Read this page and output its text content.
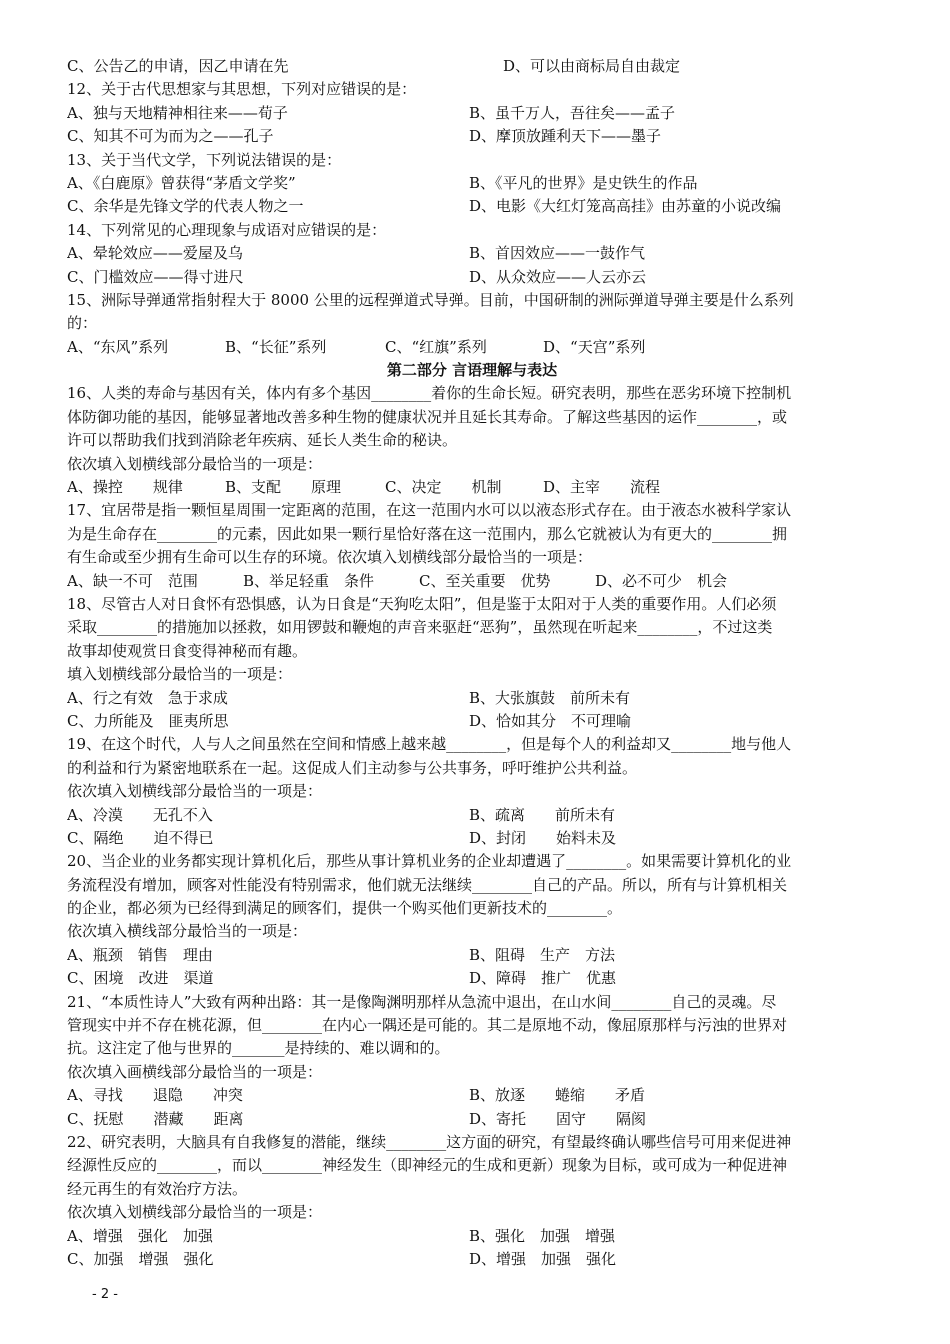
C、公告乙的申请，因乙申请在先	D、可以由商标局自由裁定
12、关于古代思想家与其思想，下列对应错误的是：
A、独与天地精神相往来——荀子	B、虽千万人，吾往矣——孟子
C、知其不可为而为之——孔子	D、摩顶放踵利天下——墨子
13、关于当代文学，下列说法错误的是：
A、《白鹿原》曾获得“茅盾文学奖”	B、《平凡的世界》是史铁生的作品
C、余华是先锋文学的代表人物之一	D、电影《大红灯笼高高挂》由苏童的小说改编
14、下列常见的心理现象与成语对应错误的是：
A、晕轮效应——爱屋及乌	B、首因效应——一鼓作气
C、门槛效应——得寸进尺	D、从众效应——人云亦云
15、洲际导弹通常指射程大于 8000 公里的远程弹道式导弹。目前，中国研制的洲际弹道导弹主要是什么系列
的：
A、“东风”系列	B、“长征”系列	C、“红旗”系列	D、“天宫”系列
第二部分 言语理解与表达
16、人类的寿命与基因有关，体内有多个基因________着你的生命长短。研究表明，那些在恶劣环境下控制机
体防御功能的基因，能够显著地改善多种生物的健康状况并且延长其寿命。了解这些基因的运作________，或
许可以帮助我们找到消除老年疾病、延长人类生命的秘诀。
依次填入划横线部分最恰当的一项是：
A、操控　　规律	B、支配　　原理	C、决定　　机制	D、主宰　　流程
17、宜居带是指一颗恒星周围一定距离的范围，在这一范围内水可以以液态形式存在。由于液态水被科学家认
为是生命存在________的元素，因此如果一颗行星恰好落在这一范围内，那么它就被认为有更大的________拥
有生命或至少拥有生命可以生存的环境。依次填入划横线部分最恰当的一项是：
A、缺一不可　范围	B、举足轻重　条件	C、至关重要　优势	D、必不可少　机会
18、尽管古人对日食怀有恐惧感，认为日食是“天狗吃太阳”，但是鉴于太阳对于人类的重要作用。人们必须
采取________的措施加以拯救，如用锣鼓和鞭炮的声音来驱赶“恶狗”，虽然现在听起来________，不过这类
故事却使观赏日食变得神秘而有趣。
填入划横线部分最恰当的一项是：
A、行之有效　急于求成	B、大张旗鼓　前所未有
C、力所能及　匪夷所思	D、恰如其分　不可理喻
19、在这个时代，人与人之间虽然在空间和情感上越来越________，但是每个人的利益却又________地与他人
的利益和行为紧密地联系在一起。这促成人们主动参与公共事务，呼吁维护公共利益。
依次填入划横线部分最恰当的一项是：
A、冷漠　　无孔不入	B、疏离　　前所未有
C、隔绝　　迫不得已	D、封闭　　始料未及
20、当企业的业务都实现计算机化后，那些从事计算机业务的企业却遭遇了________。如果需要计算机化的业
务流程没有增加，顾客对性能没有特别需求，他们就无法继续________自己的产品。所以，所有与计算机相关
的企业，都必须为已经得到满足的顾客们，提供一个购买他们更新技术的________。
依次填入横线部分最恰当的一项是：
A、瓶颈　销售　理由	B、阻碍　生产　方法
C、困境　改进　渠道	D、障碍　推广　优惠
21、“本质性诗人”大致有两种出路：其一是像陶渊明那样从急流中退出，在山水间________自己的灵魂。尽
管现实中并不存在桃花源，但________在内心一隅还是可能的。其二是原地不动，像屈原那样与污浊的世界对
抗。这注定了他与世界的_______是持续的、难以调和的。
依次填入画横线部分最恰当的一项是：
A、寻找　　退隐　　冲突	B、放逐　　蜷缩　　矛盾
C、抚慰　　潜藏　　距离	D、寄托　　固守　　隔阂
22、研究表明，大脑具有自我修复的潜能，继续________这方面的研究，有望最终确认哪些信号可用来促进神
经源性反应的________，而以________神经发生（即神经元的生成和更新）现象为目标，或可成为一种促进神
经元再生的有效治疗方法。
依次填入划横线部分最恰当的一项是：
A、增强　强化　加强	B、强化　加强　增强
C、加强　增强　强化	D、增强　加强　强化
- 2 -
